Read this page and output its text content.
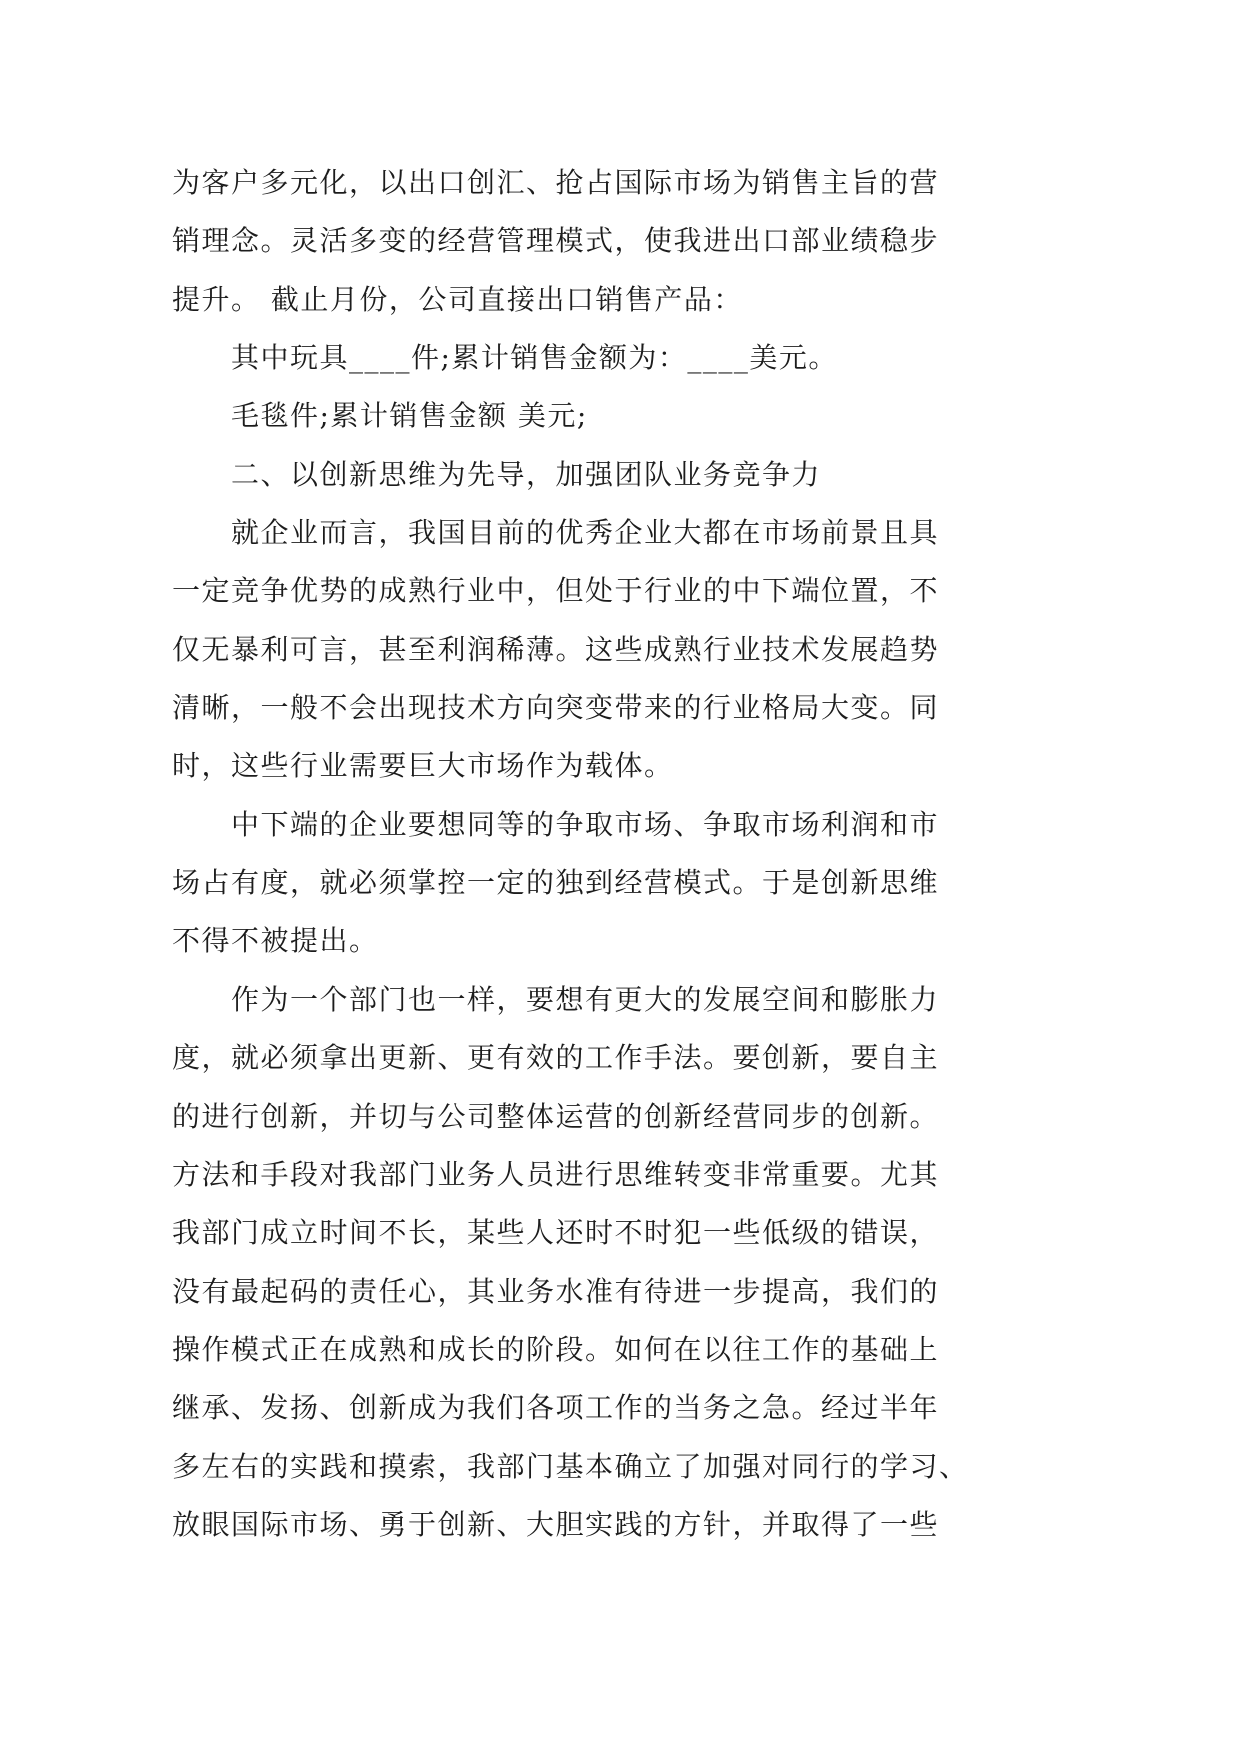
为客户多元化，以出口创汇、抢占国际市场为销售主旨的营
销理念。灵活多变的经营管理模式，使我进出口部业绩稳步
提升。 截止月份，公司直接出口销售产品：
其中玩具____件;累计销售金额为：____美元。
毛毯件;累计销售金额 美元;
二、以创新思维为先导，加强团队业务竞争力
就企业而言，我国目前的优秀企业大都在市场前景且具
一定竞争优势的成熟行业中，但处于行业的中下端位置，不
仅无暴利可言，甚至利润稀薄。这些成熟行业技术发展趋势
清晰，一般不会出现技术方向突变带来的行业格局大变。同
时，这些行业需要巨大市场作为载体。
中下端的企业要想同等的争取市场、争取市场利润和市
场占有度，就必须掌控一定的独到经营模式。于是创新思维
不得不被提出。
作为一个部门也一样，要想有更大的发展空间和膨胀力
度，就必须拿出更新、更有效的工作手法。要创新，要自主
的进行创新，并切与公司整体运营的创新经营同步的创新。
方法和手段对我部门业务人员进行思维转变非常重要。尤其
我部门成立时间不长，某些人还时不时犯一些低级的错误，
没有最起码的责任心，其业务水准有待进一步提高，我们的
操作模式正在成熟和成长的阶段。如何在以往工作的基础上
继承、发扬、创新成为我们各项工作的当务之急。经过半年
多左右的实践和摸索，我部门基本确立了加强对同行的学习、
放眼国际市场、勇于创新、大胆实践的方针，并取得了一些
